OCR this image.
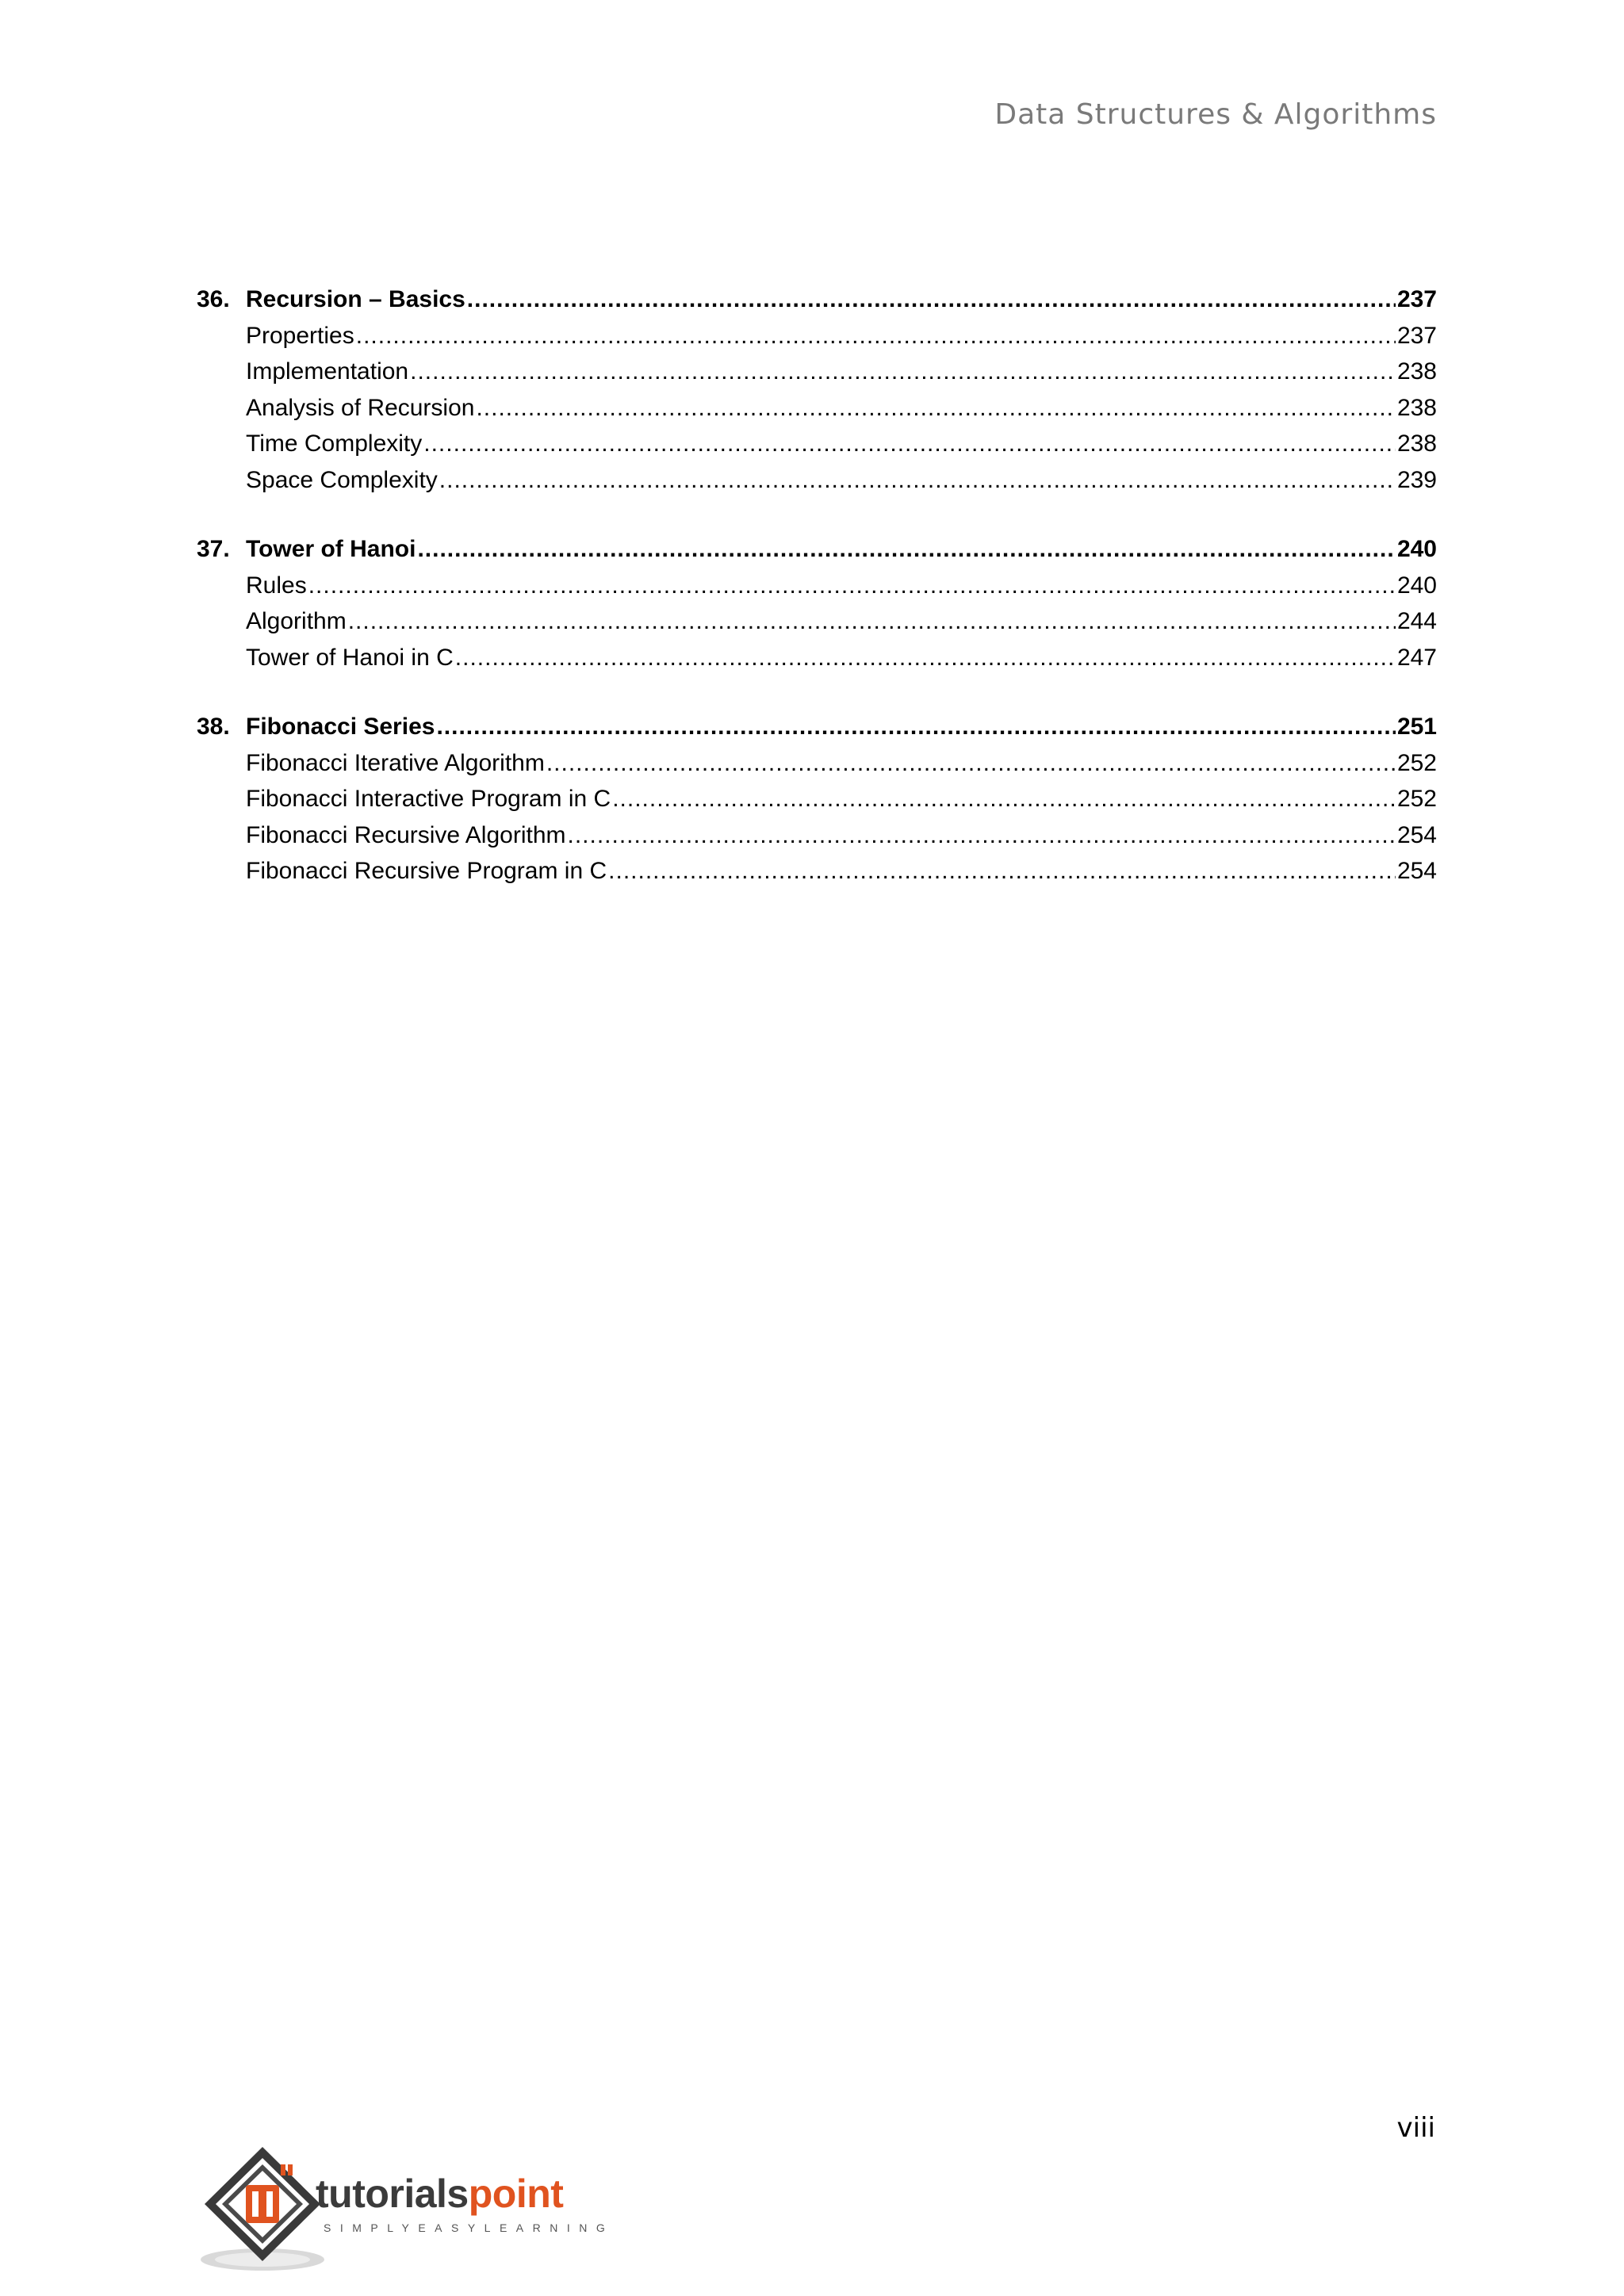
Data Structures & Algorithms
36. Recursion – Basics .....	237
Properties .....	237
Implementation .....	238
Analysis of Recursion .....	238
Time Complexity .....	238
Space Complexity .....	239
37. Tower of Hanoi .....	240
Rules .....	240
Algorithm .....	244
Tower of Hanoi in C .....	247
38. Fibonacci Series .....	251
Fibonacci Iterative Algorithm .....	252
Fibonacci Interactive Program in C .....	252
Fibonacci Recursive Algorithm .....	254
Fibonacci Recursive Program in C .....	254
viii
tutorialspoint
SIMPLYEASYLEARNING
